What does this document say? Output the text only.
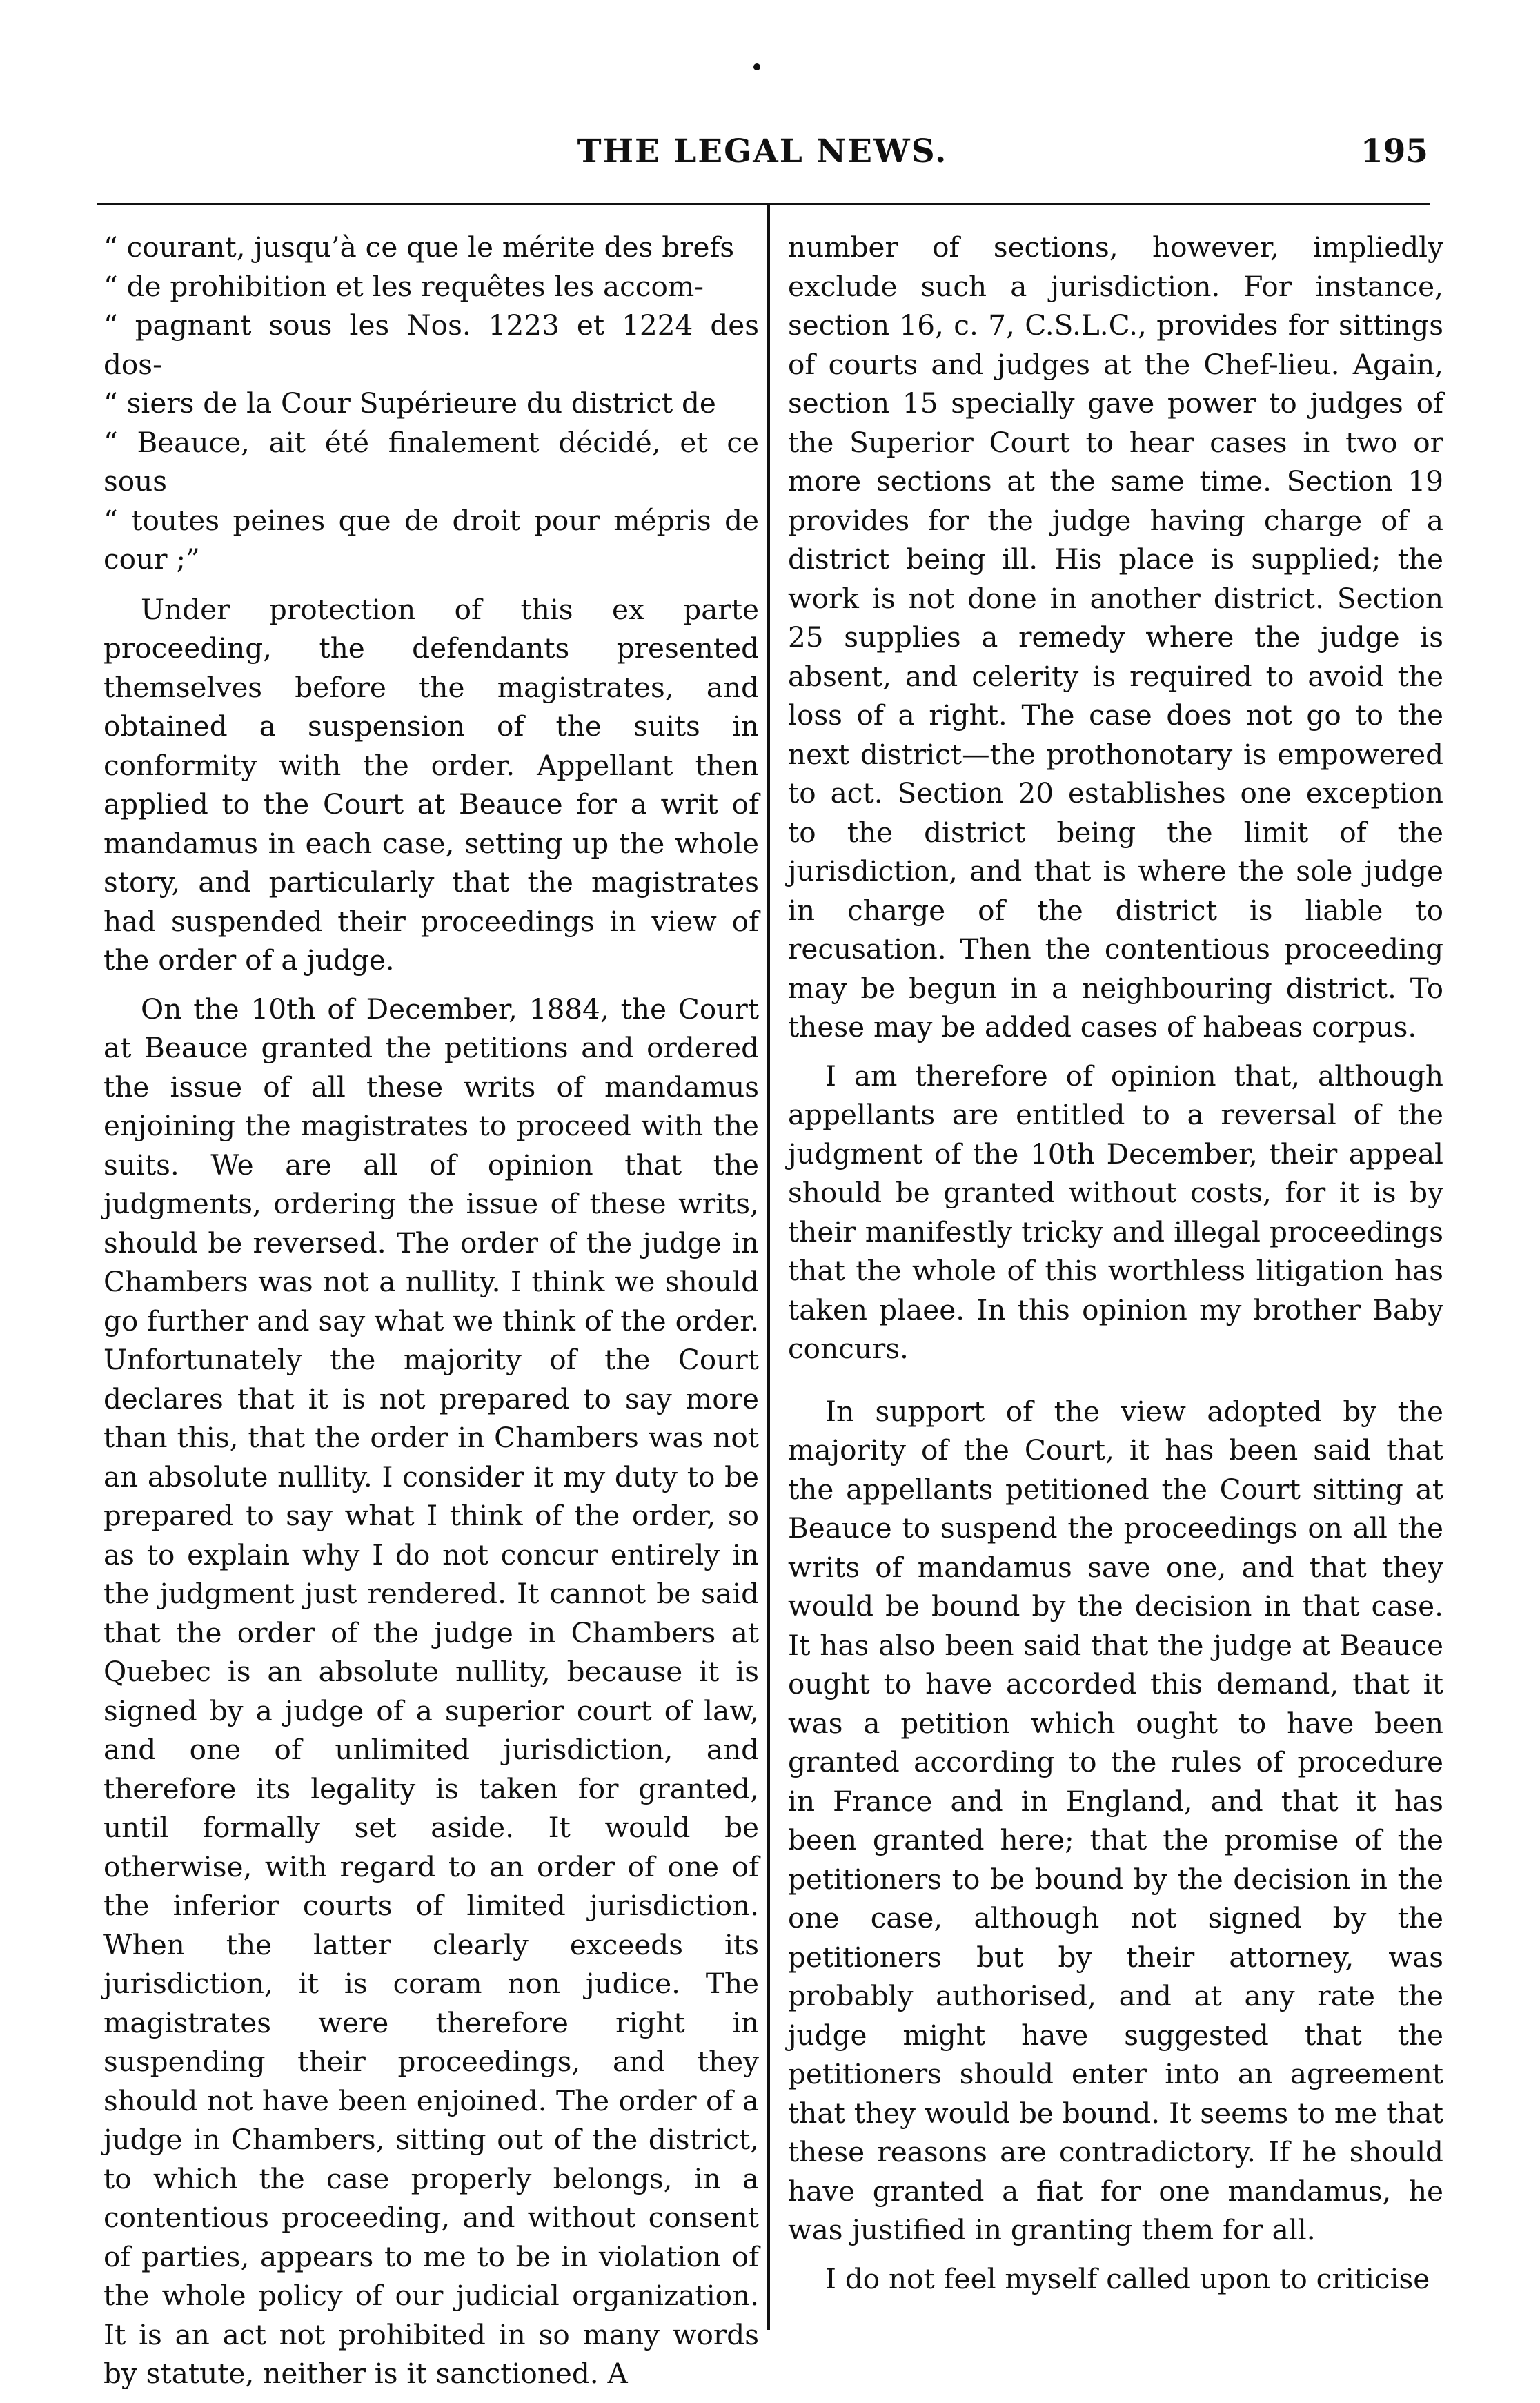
THE LEGAL NEWS.	195

“ courant, jusqu’à ce que le mérite des brefs

“ de prohibition et les requêtes les accom-

“ pagnant sous les Nos. 1223 et 1224 des dos-

“ siers de la Cour Supérieure du district de

“ Beauce, ait été finalement décidé, et ce sous

“ toutes peines que de droit pour mépris de cour ;”

Under protection of this ex parte proceeding, the defendants presented themselves before the magistrates, and obtained a suspension of the suits in conformity with the order. Appellant then applied to the Court at Beauce for a writ of mandamus in each case, setting up the whole story, and particularly that the magistrates had suspended their proceedings in view of the order of a judge.

On the 10th of December, 1884, the Court at Beauce granted the petitions and ordered the issue of all these writs of mandamus enjoining the magistrates to proceed with the suits. We are all of opinion that the judgments, ordering the issue of these writs, should be reversed. The order of the judge in Chambers was not a nullity. I think we should go further and say what we think of the order. Unfortunately the majority of the Court declares that it is not prepared to say more than this, that the order in Chambers was not an absolute nullity. I consider it my duty to be prepared to say what I think of the order, so as to explain why I do not concur entirely in the judgment just rendered. It cannot be said that the order of the judge in Chambers at Quebec is an absolute nullity, because it is signed by a judge of a superior court of law, and one of unlimited jurisdiction, and therefore its legality is taken for granted, until formally set aside. It would be otherwise, with regard to an order of one of the inferior courts of limited jurisdiction. When the latter clearly exceeds its jurisdiction, it is coram non judice. The magistrates were therefore right in suspending their proceedings, and they should not have been enjoined. The order of a judge in Chambers, sitting out of the district, to which the case properly belongs, in a contentious proceeding, and without consent of parties, appears to me to be in violation of the whole policy of our judicial organization. It is an act not prohibited in so many words by statute, neither is it sanctioned. A

number of sections, however, impliedly exclude such a jurisdiction. For instance, section 16, c. 7, C.S.L.C., provides for sittings of courts and judges at the Chef-lieu. Again, section 15 specially gave power to judges of the Superior Court to hear cases in two or more sections at the same time. Section 19 provides for the judge having charge of a district being ill. His place is supplied; the work is not done in another district. Section 25 supplies a remedy where the judge is absent, and celerity is required to avoid the loss of a right. The case does not go to the next district—the prothonotary is empowered to act. Section 20 establishes one exception to the district being the limit of the jurisdiction, and that is where the sole judge in charge of the district is liable to recusation. Then the contentious proceeding may be begun in a neighbouring district. To these may be added cases of habeas corpus.

I am therefore of opinion that, although appellants are entitled to a reversal of the judgment of the 10th December, their appeal should be granted without costs, for it is by their manifestly tricky and illegal proceedings that the whole of this worthless litigation has taken plaee. In this opinion my brother Baby concurs.

In support of the view adopted by the majority of the Court, it has been said that the appellants petitioned the Court sitting at Beauce to suspend the proceedings on all the writs of mandamus save one, and that they would be bound by the decision in that case. It has also been said that the judge at Beauce ought to have accorded this demand, that it was a petition which ought to have been granted according to the rules of procedure in France and in England, and that it has been granted here; that the promise of the petitioners to be bound by the decision in the one case, although not signed by the petitioners but by their attorney, was probably authorised, and at any rate the judge might have suggested that the petitioners should enter into an agreement that they would be bound. It seems to me that these reasons are contradictory. If he should have granted a fiat for one mandamus, he was justified in granting them for all.

I do not feel myself called upon to criticise
